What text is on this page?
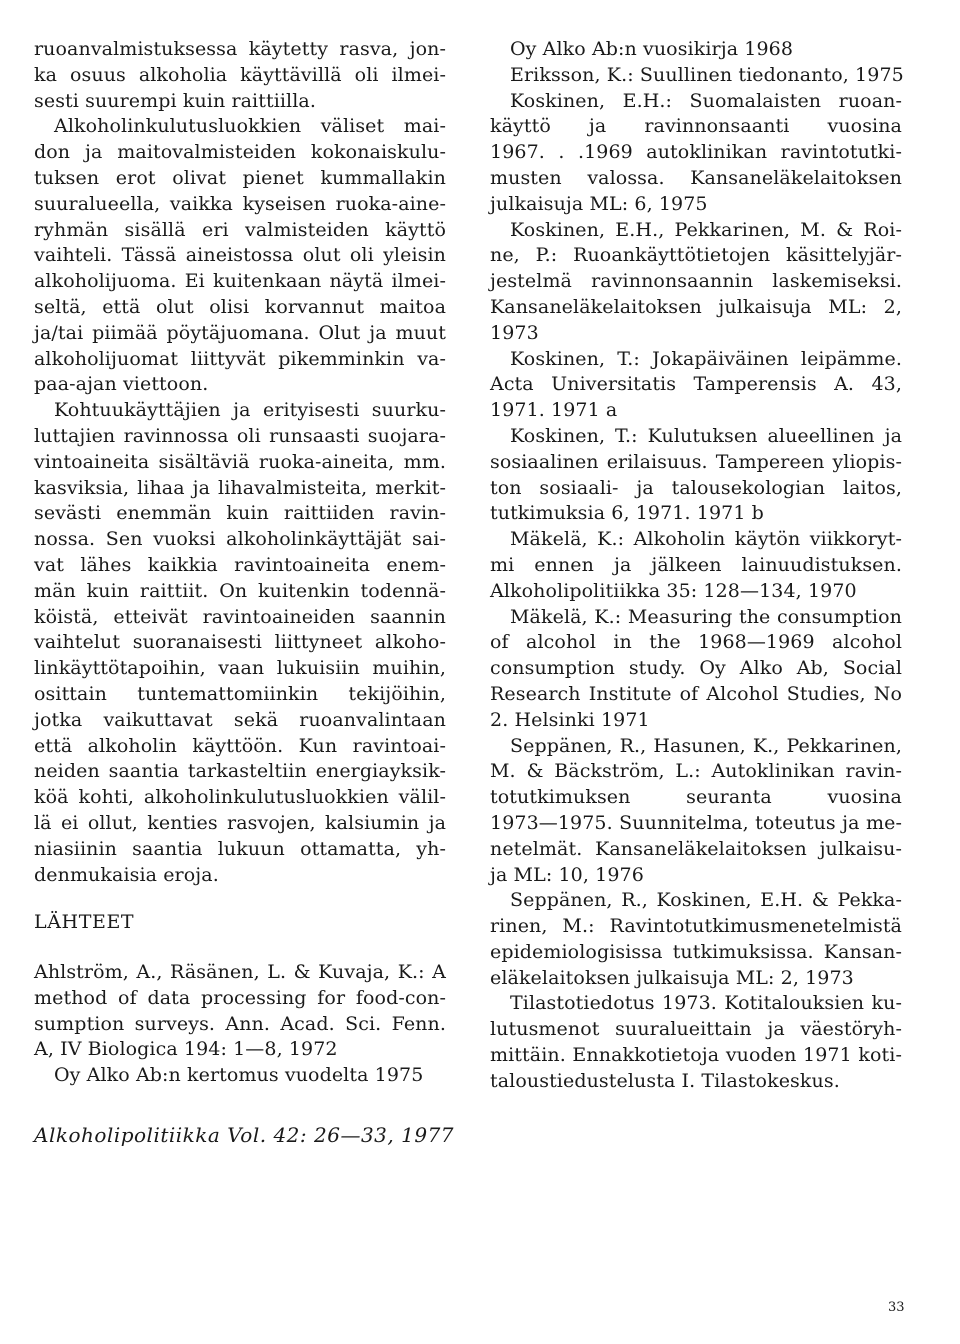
ruoanvalmistuksessa käytetty rasva, jon-
ka osuus alkoholia käyttävillä oli ilmei-
sesti suurempi kuin raittiilla.
Alkoholinkulutusluokkien väliset mai-
don ja maitovalmisteiden kokonaiskulu-
tuksen erot olivat pienet kummallakin
suuralueella, vaikka kyseisen ruoka-aine-
ryhmän sisällä eri valmisteiden käyttö
vaihteli. Tässä aineistossa olut oli yleisin
alkoholijuoma. Ei kuitenkaan näytä ilmei-
seltä, että olut olisi korvannut maitoa
ja/tai piimää pöytäjuomana. Olut ja muut
alkoholijuomat liittyvät pikemminkin va-
paa-ajan viettoon.
Kohtuukäyttäjien ja erityisesti suurku-
luttajien ravinnossa oli runsaasti suojara-
vintoaineita sisältäviä ruoka-aineita, mm.
kasviksia, lihaa ja lihavalmisteita, merkit-
sevästi enemmän kuin raittiiden ravin-
nossa. Sen vuoksi alkoholinkäyttäjät sai-
vat lähes kaikkia ravintoaineita enem-
män kuin raittiit. On kuitenkin todennä-
köistä, etteivät ravintoaineiden saannin
vaihtelut suoranaisesti liittyneet alkoho-
linkäyttötapoihin, vaan lukuisiin muihin,
osittain tuntemattomiinkin tekijöihin,
jotka vaikuttavat sekä ruoanvalintaan
että alkoholin käyttöön. Kun ravintoai-
neiden saantia tarkasteltiin energiayksik-
köä kohti, alkoholinkulutusluokkien välil-
lä ei ollut, kenties rasvojen, kalsiumin ja
niasiinin saantia lukuun ottamatta, yh-
denmukaisia eroja.
LÄHTEET
Ahlström, A., Räsänen, L. & Kuvaja, K.: A
method of data processing for food-con-
sumption surveys. Ann. Acad. Sci. Fenn.
A, IV Biologica 194: 1—8, 1972
Oy Alko Ab:n kertomus vuodelta 1975
Oy Alko Ab:n vuosikirja 1968
Eriksson, K.: Suullinen tiedonanto, 1975
Koskinen, E.H.: Suomalaisten ruoan-
käyttö ja ravinnonsaanti vuosina
1967. . .1969 autoklinikan ravintotutki-
musten valossa. Kansaneläkelaitoksen
julkaisuja ML: 6, 1975
Koskinen, E.H., Pekkarinen, M. & Roi-
ne, P.: Ruoankäyttötietojen käsittelyjär-
jestelmä ravinnonsaannin laskemiseksi.
Kansaneläkelaitoksen julkaisuja ML: 2,
1973
Koskinen, T.: Jokapäiväinen leipämme.
Acta Universitatis Tamperensis A. 43,
1971. 1971 a
Koskinen, T.: Kulutuksen alueellinen ja
sosiaalinen erilaisuus. Tampereen yliopis-
ton sosiaali- ja talousekologian laitos,
tutkimuksia 6, 1971. 1971 b
Mäkelä, K.: Alkoholin käytön viikkoryt-
mi ennen ja jälkeen lainuudistuksen.
Alkoholipolitiikka 35: 128—134, 1970
Mäkelä, K.: Measuring the consumption
of alcohol in the 1968—1969 alcohol
consumption study. Oy Alko Ab, Social
Research Institute of Alcohol Studies, No
2. Helsinki 1971
Seppänen, R., Hasunen, K., Pekkarinen,
M. & Bäckström, L.: Autoklinikan ravin-
totutkimuksen seuranta vuosina
1973—1975. Suunnitelma, toteutus ja me-
netelmät. Kansaneläkelaitoksen julkaisu-
ja ML: 10, 1976
Seppänen, R., Koskinen, E.H. & Pekka-
rinen, M.: Ravintotutkimusmenetelmistä
epidemiologisissa tutkimuksissa. Kansan-
eläkelaitoksen julkaisuja ML: 2, 1973
Tilastotiedotus 1973. Kotitalouksien ku-
lutusmenot suuralueittain ja väestöryh-
mittäin. Ennakkotietoja vuoden 1971 koti-
taloustiedustelusta I. Tilastokeskus.
Alkoholipolitiikka Vol. 42: 26—33, 1977
33
